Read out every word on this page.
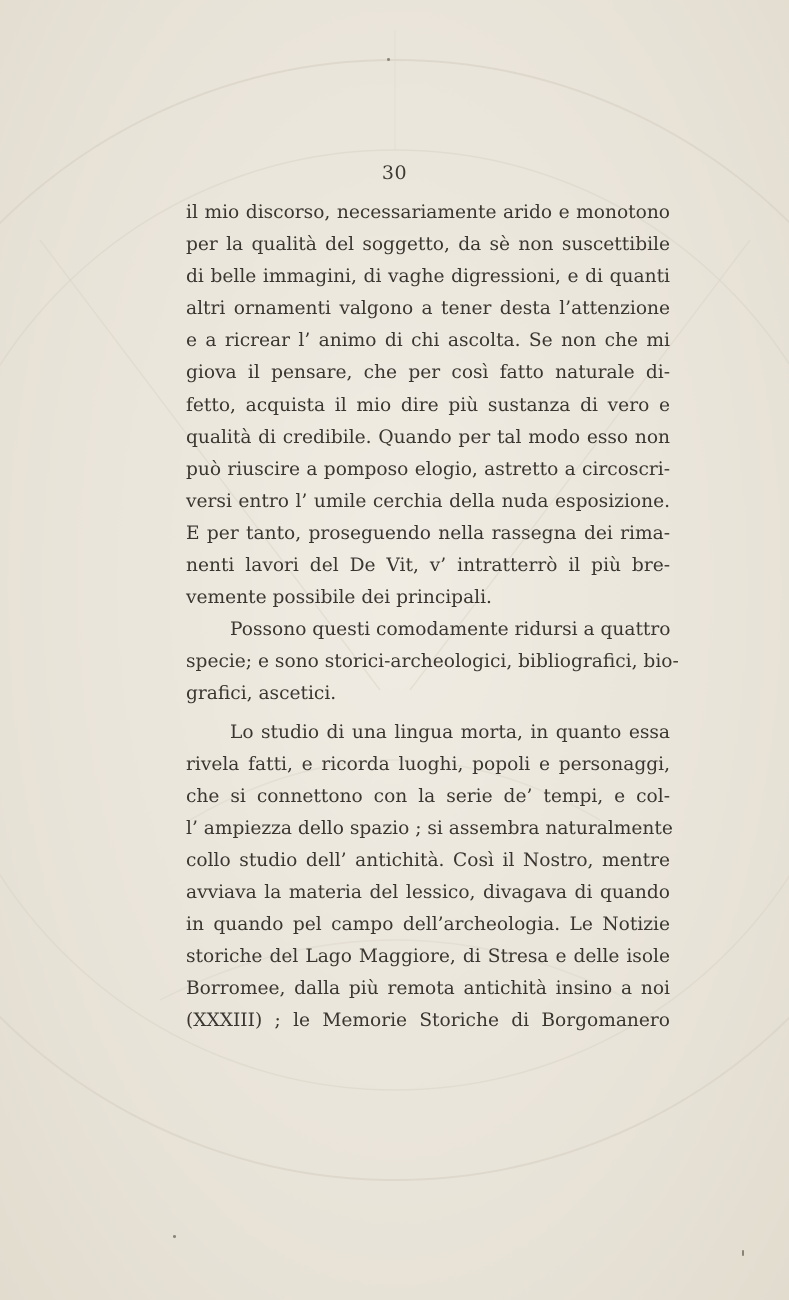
30
il mio discorso, necessariamente arido e monotono
per la qualità del soggetto, da sè non suscettibile
di belle immagini, di vaghe digressioni, e di quanti
altri ornamenti valgono a tener desta l’attenzione
e a ricrear l’ animo di chi ascolta. Se non che mi
giova il pensare, che per così fatto naturale di-
fetto, acquista il mio dire più sustanza di vero e
qualità di credibile. Quando per tal modo esso non
può riuscire a pomposo elogio, astretto a circoscri-
versi entro l’ umile cerchia della nuda esposizione.
E per tanto, proseguendo nella rassegna dei rima-
nenti lavori del De Vit, v’ intratterrò il più bre-
vemente possibile dei principali.
Possono questi comodamente ridursi a quattro
specie; e sono storici-archeologici, bibliografici, bio-
grafici, ascetici.
Lo studio di una lingua morta, in quanto essa
rivela fatti, e ricorda luoghi, popoli e personaggi,
che si connettono con la serie de’ tempi, e col-
l’ ampiezza dello spazio ; si assembra naturalmente
collo studio dell’ antichità. Così il Nostro, mentre
avviava la materia del lessico, divagava di quando
in quando pel campo dell’archeologia. Le Notizie
storiche del Lago Maggiore, di Stresa e delle isole
Borromee, dalla più remota antichità insino a noi
(XXXIII) ; le Memorie Storiche di Borgomanero
